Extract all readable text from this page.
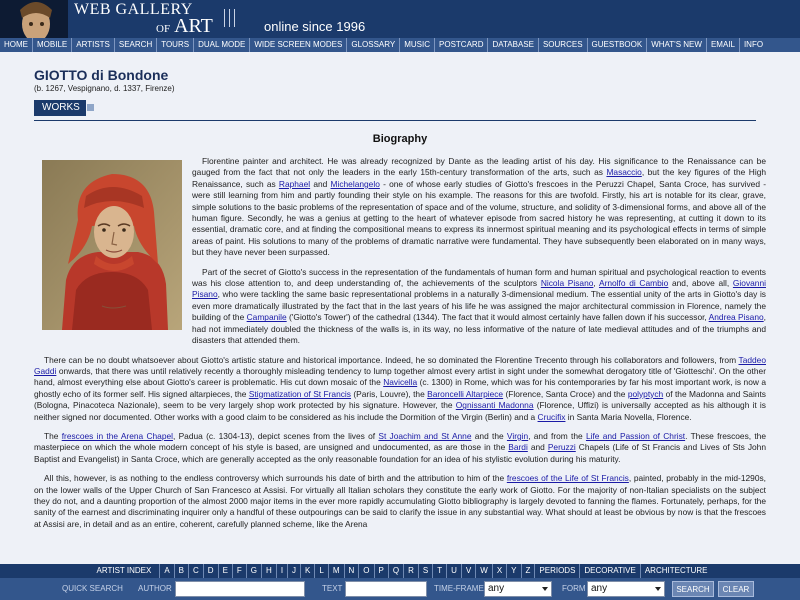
WEB GALLERY
OF ART	online since 1996
HOME	MOBILE	ARTISTS	SEARCH	TOURS	DUAL MODE	WIDE SCREEN MODES	GLOSSARY	MUSIC	POSTCARD	DATABASE	SOURCES	GUESTBOOK	WHAT'S NEW	EMAIL	INFO
GIOTTO di Bondone
(b. 1267, Vespignano, d. 1337, Firenze)
WORKS
Biography

Florentine painter and architect. He was already recognized by Dante as the leading artist of his day. His significance to the Renaissance can be gauged from the fact that not only the leaders in the early 15th-century transformation of the arts, such as Masaccio, but the key figures of the High Renaissance, such as Raphael and Michelangelo - one of whose early studies of Giotto's frescoes in the Peruzzi Chapel, Santa Croce, has survived - were still learning from him and partly founding their style on his example. The reasons for this are twofold. Firstly, his art is notable for its clear, grave, simple solutions to the basic problems of the representation of space and of the volume, structure, and solidity of 3-dimensional forms, and above all of the human figure. Secondly, he was a genius at getting to the heart of whatever episode from sacred history he was representing, at cutting it down to its essential, dramatic core, and at finding the compositional means to express its innermost spiritual meaning and its psychological effects in terms of simple areas of paint. His solutions to many of the problems of dramatic narrative were fundamental. They have subsequently been elaborated on in many ways, but they have never been surpassed.

Part of the secret of Giotto's success in the representation of the fundamentals of human form and human spiritual and psychological reaction to events was his close attention to, and deep understanding of, the achievements of the sculptors Nicola Pisano, Arnolfo di Cambio and, above all, Giovanni Pisano, who were tackling the same basic representational problems in a naturally 3-dimensional medium. The essential unity of the arts in Giotto's day is even more dramatically illustrated by the fact that in the last years of his life he was assigned the major architectural commission in Florence, namely the building of the Campanile ('Giotto's Tower') of the cathedral (1344). The fact that it would almost certainly have fallen down if his successor, Andrea Pisano, had not immediately doubled the thickness of the walls is, in its way, no less informative of the nature of late medieval attitudes and of the triumphs and disasters that attended them.

There can be no doubt whatsoever about Giotto's artistic stature and historical importance. Indeed, he so dominated the Florentine Trecento through his collaborators and followers, from Taddeo Gaddi onwards, that there was until relatively recently a thoroughly misleading tendency to lump together almost every artist in sight under the somewhat derogatory title of 'Giotteschi'. On the other hand, almost everything else about Giotto's career is problematic. His cut down mosaic of the Navicella (c. 1300) in Rome, which was for his contemporaries by far his most important work, is now a ghostly echo of its former self. His signed altarpieces, the Stigmatization of St Francis (Paris, Louvre), the Baroncelli Altarpiece (Florence, Santa Croce) and the polyptych of the Madonna and Saints (Bologna, Pinacoteca Nazionale), seem to be very largely shop work protected by his signature. However, the Ognissanti Madonna (Florence, Uffizi) is universally accepted as his although it is neither signed nor documented. Other works with a good claim to be considered as his include the Dormition of the Virgin (Berlin) and a Crucifix in Santa Maria Novella, Florence.

The frescoes in the Arena Chapel, Padua (c. 1304-13), depict scenes from the lives of St Joachim and St Anne and the Virgin, and from the Life and Passion of Christ. These frescoes, the masterpiece on which the whole modern concept of his style is based, are unsigned and undocumented, as are those in the Bardi and Peruzzi Chapels (Life of St Francis and Lives of Sts John Baptist and Evangelist) in Santa Croce, which are generally accepted as the only reasonable foundation for an idea of his stylistic evolution during his maturity.

All this, however, is as nothing to the endless controversy which surrounds his date of birth and the attribution to him of the frescoes of the Life of St Francis, painted, probably in the mid-1290s, on the lower walls of the Upper Church of San Francesco at Assisi. For virtually all Italian scholars they constitute the early work of Giotto. For the majority of non-Italian specialists on the subject they do not, and a daunting proportion of the almost 2000 major items in the ever more rapidly accumulating Giotto bibliography is largely devoted to fanning the flames. Fortunately, perhaps, for the sanity of the earnest and discriminating inquirer only a handful of these outpourings can be said to clarify the issue in any substantial way. What should at least be obvious by now is that the frescoes at Assisi are, in detail and as an entire, coherent, carefully planned scheme, like the Arena

ARTIST INDEX	A	B	C	D	E	F	G	H	I	J	K	L	M	N	O	P	Q	R	S	T	U	V	W	X	Y	Z	PERIODS	DECORATIVE	ARCHITECTURE
QUICK SEARCH AUTHOR	TEXT	TIME-FRAME any	FORM any	SEARCH	CLEAR
